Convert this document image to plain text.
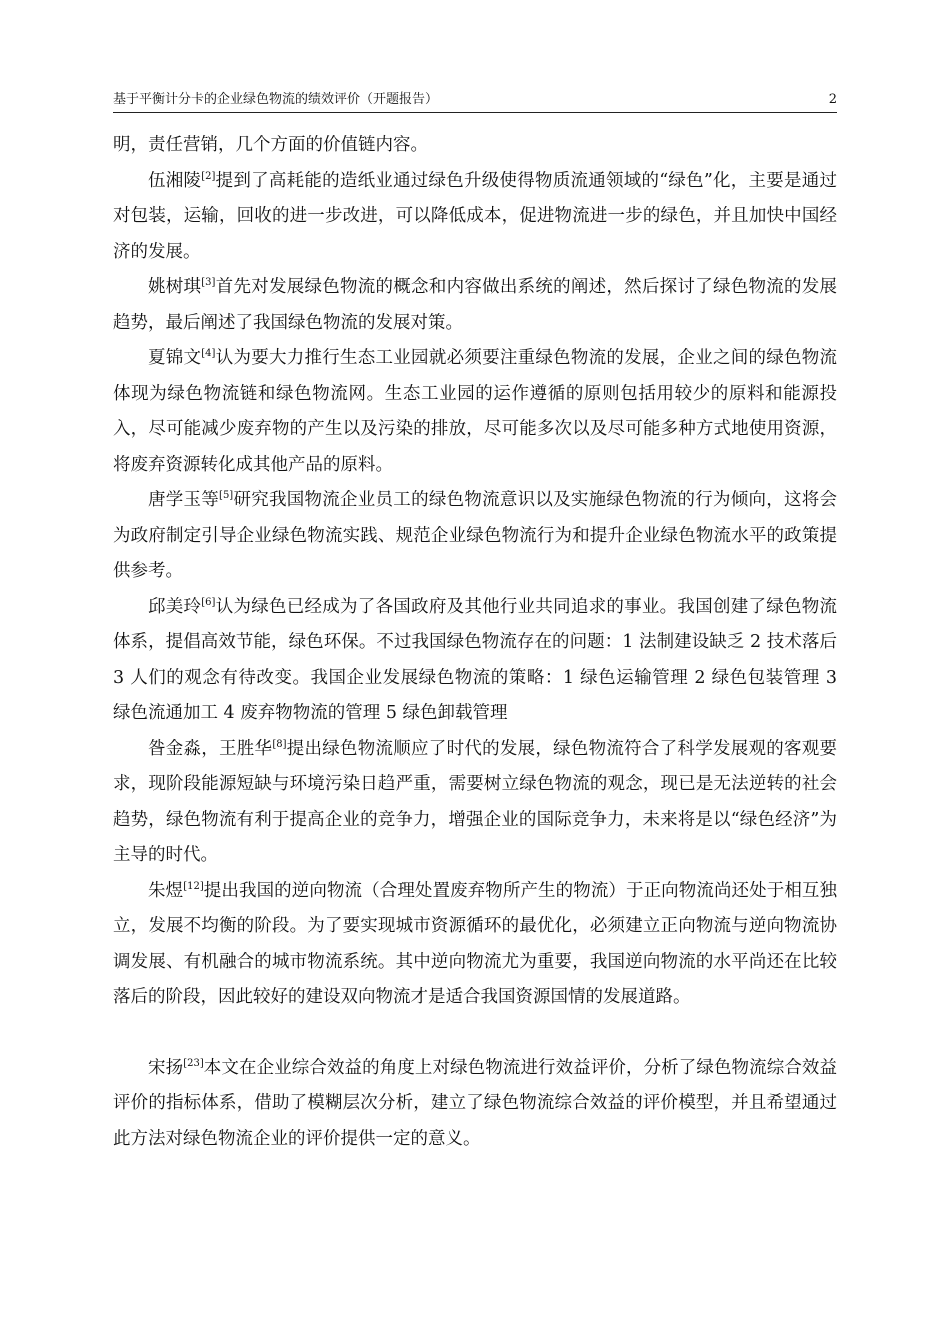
基于平衡计分卡的企业绿色物流的绩效评价（开题报告）	2

明，责任营销，几个方面的价值链内容。

伍湘陵[2]提到了高耗能的造纸业通过绿色升级使得物质流通领域的“绿色”化，主要是通过对包装，运输，回收的进一步改进，可以降低成本，促进物流进一步的绿色，并且加快中国经济的发展。

姚树琪[3]首先对发展绿色物流的概念和内容做出系统的阐述，然后探讨了绿色物流的发展趋势，最后阐述了我国绿色物流的发展对策。

夏锦文[4]认为要大力推行生态工业园就必须要注重绿色物流的发展，企业之间的绿色物流体现为绿色物流链和绿色物流网。生态工业园的运作遵循的原则包括用较少的原料和能源投入，尽可能减少废弃物的产生以及污染的排放，尽可能多次以及尽可能多种方式地使用资源，将废弃资源转化成其他产品的原料。

唐学玉等[5]研究我国物流企业员工的绿色物流意识以及实施绿色物流的行为倾向，这将会为政府制定引导企业绿色物流实践、规范企业绿色物流行为和提升企业绿色物流水平的政策提供参考。

邱美玲[6]认为绿色已经成为了各国政府及其他行业共同追求的事业。我国创建了绿色物流体系，提倡高效节能，绿色环保。不过我国绿色物流存在的问题：1 法制建设缺乏 2 技术落后 3 人们的观念有待改变。我国企业发展绿色物流的策略：1 绿色运输管理 2 绿色包装管理 3 绿色流通加工 4 废弃物物流的管理 5 绿色卸载管理

昝金淼，王胜华[8]提出绿色物流顺应了时代的发展，绿色物流符合了科学发展观的客观要求，现阶段能源短缺与环境污染日趋严重，需要树立绿色物流的观念，现已是无法逆转的社会趋势，绿色物流有利于提高企业的竞争力，增强企业的国际竞争力，未来将是以“绿色经济”为主导的时代。

朱煜[12]提出我国的逆向物流（合理处置废弃物所产生的物流）于正向物流尚还处于相互独立，发展不均衡的阶段。为了要实现城市资源循环的最优化，必须建立正向物流与逆向物流协调发展、有机融合的城市物流系统。其中逆向物流尤为重要，我国逆向物流的水平尚还在比较落后的阶段，因此较好的建设双向物流才是适合我国资源国情的发展道路。

宋扬[23]本文在企业综合效益的角度上对绿色物流进行效益评价，分析了绿色物流综合效益评价的指标体系，借助了模糊层次分析，建立了绿色物流综合效益的评价模型，并且希望通过此方法对绿色物流企业的评价提供一定的意义。
